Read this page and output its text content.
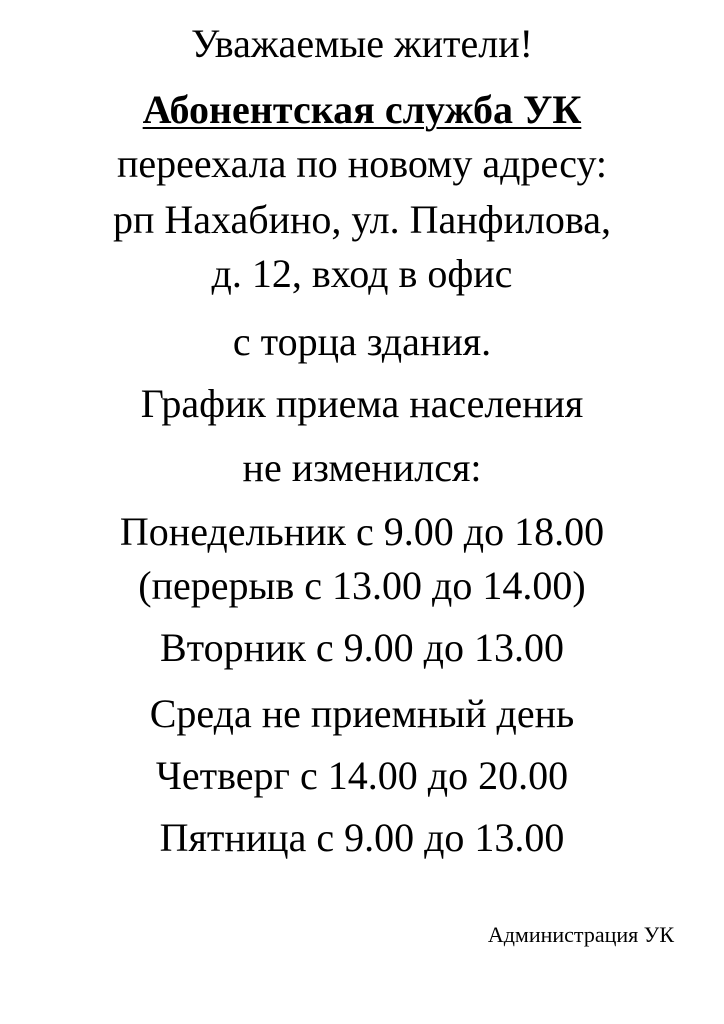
Уважаемые жители!
Абонентская служба УК
переехала по новому адресу:
рп Нахабино, ул. Панфилова,
д. 12, вход в офис
с торца здания.
График приема населения
не изменился:
Понедельник с 9.00 до 18.00
(перерыв с 13.00 до 14.00)
Вторник с 9.00 до 13.00
Среда не приемный день
Четверг с 14.00 до 20.00
Пятница с 9.00 до 13.00
Администрация УК
